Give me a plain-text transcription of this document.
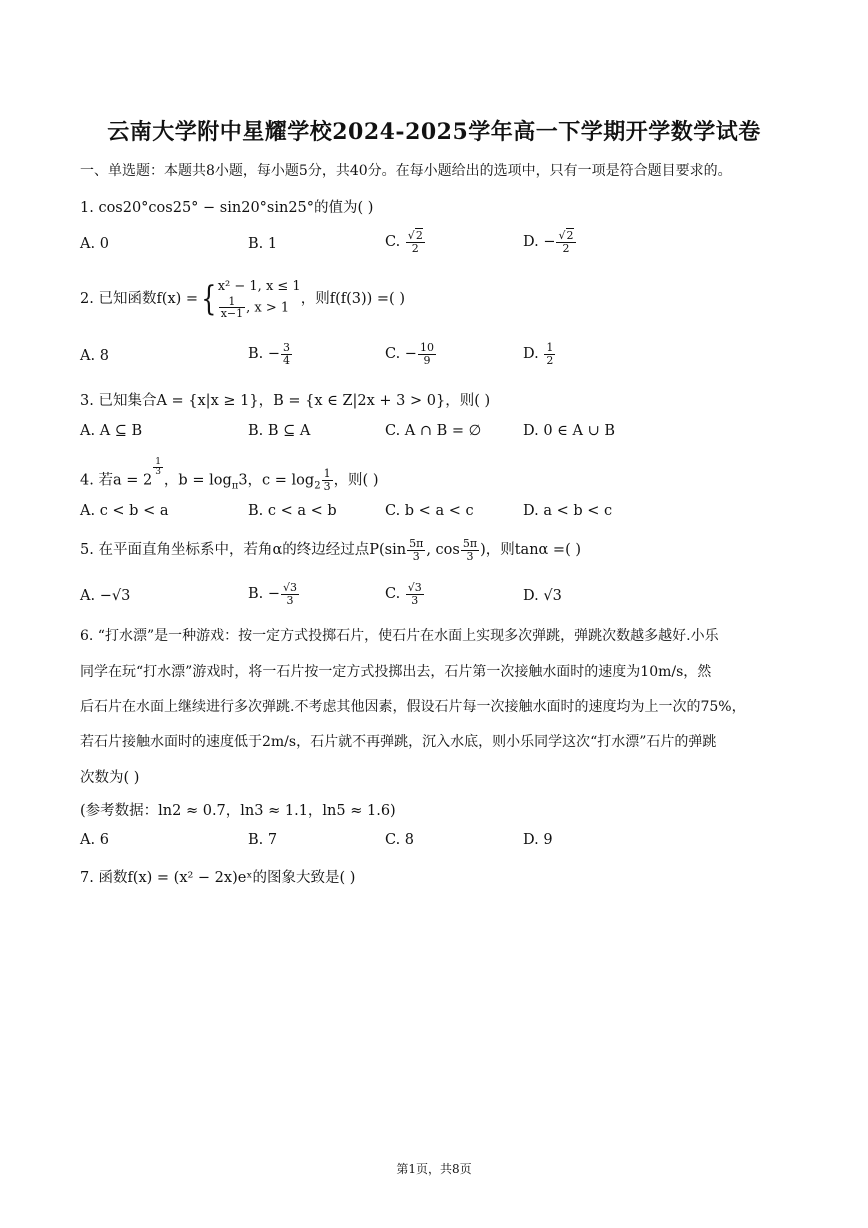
云南大学附中星耀学校2024-2025学年高一下学期开学数学试卷
一、单选题：本题共8小题，每小题5分，共40分。在每小题给出的选项中，只有一项是符合题目要求的。
1. cos20°cos25° − sin20°sin25°的值为( )
A. 0	B. 1	C. $\frac{√2}{2}$	D. − $\frac{√2}{2}$
2. 已知函数f(x) ={ x² − 1, x ≤ 1
$\frac{1}{x-1}$ , x > 1
，则f(f(3)) =( )
A. 8	B. − $\frac{3}{4}$	C. − $\frac{10}{9}$	D. $\frac{1}{2}$
3. 已知集合A = {x|x ≥ 1}，B = {x ∈ Z|2x + 3 > 0}，则( )
A. A ⊆ B	B. B ⊆ A	C. A ∩ B = ∅	D. 0 ∈ A ∪ B
4. 若a = 2
$\frac{1}{3}$
，$b = \log_\pi 3$，$c = \log_2 \frac{1}{3}$ ，则( )
A. c < b < a	B. c < a < b	C. b < a < c	D. a < b < c
5. 在平面直角坐标系中，若角α的终边经过点$P(\sin \frac{5\pi}{3}$ , $\cos \frac{5\pi}{3}$ )，则tanα =( )
A. −√3	B. − $\frac{√3}{3}$	C. $\frac{√3}{3}$	D. √3
6. “打水漂”是一种游戏：按一定方式投掷石片，使石片在水面上实现多次弹跳，弹跳次数越多越好.小乐
同学在玩“打水漂”游戏时，将一石片按一定方式投掷出去，石片第一次接触水面时的速度为10m/s，然
后石片在水面上继续进行多次弹跳.不考虑其他因素，假设石片每一次接触水面时的速度均为上一次的75%，
若石片接触水面时的速度低于2m/s，石片就不再弹跳，沉入水底，则小乐同学这次“打水漂”石片的弹跳
次数为( )
(参考数据：ln2 ≈ 0.7，ln3 ≈ 1.1，ln5 ≈ 1.6)
A. 6	B. 7	C. 8	D. 9
7. 函数f(x) = (x² − 2x)eˣ的图象大致是( )
第1页，共8页
